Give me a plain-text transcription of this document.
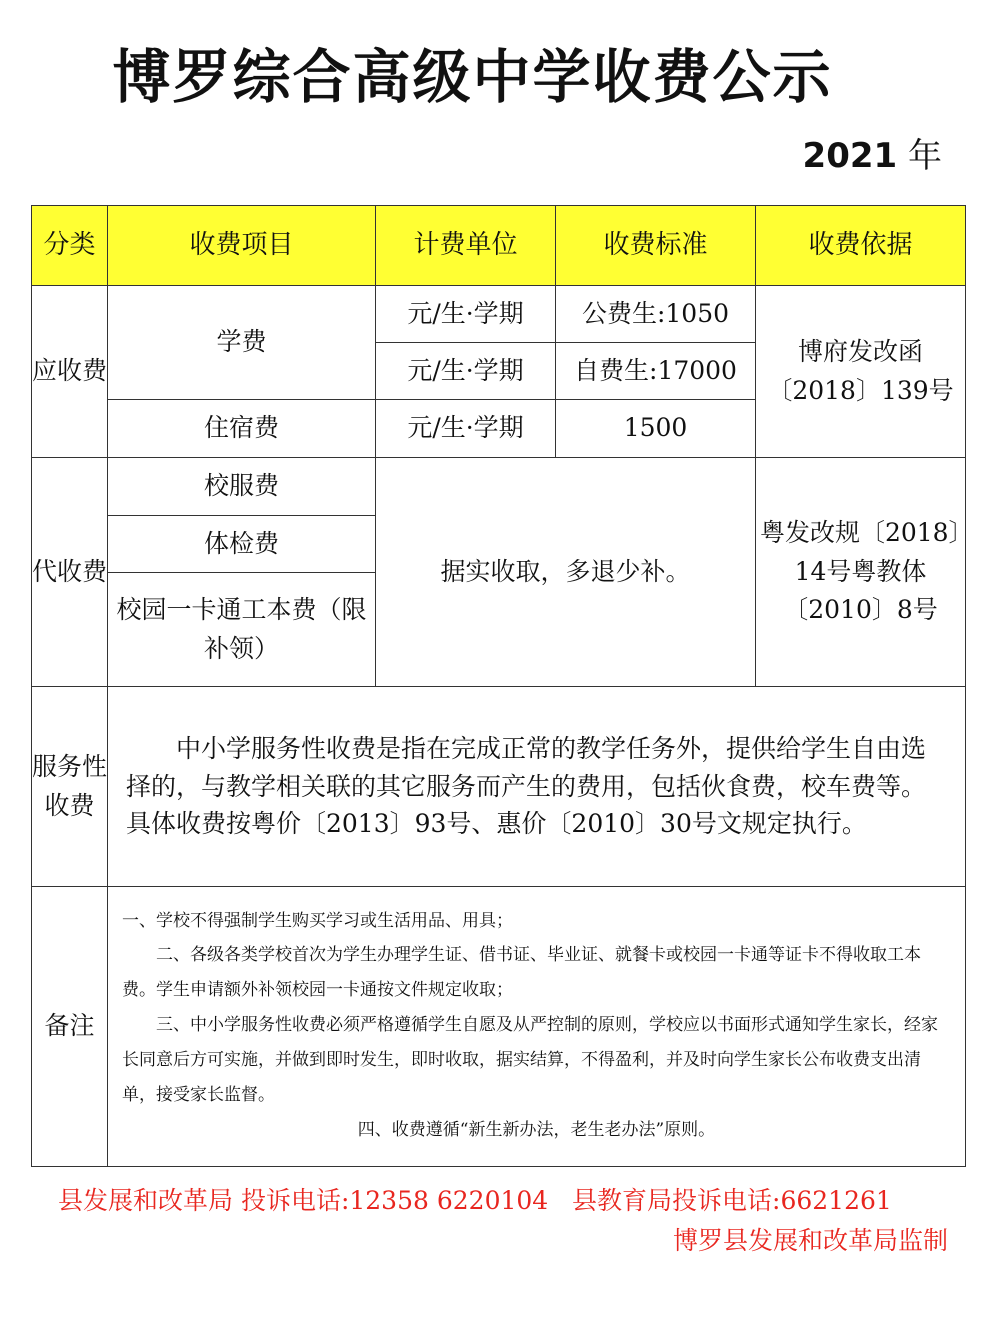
博罗综合高级中学收费公示
2021 年
分类	收费项目	计费单位	收费标准	收费依据
应收费	学费	元/生·学期	公费生:1050	博府发改函〔2018〕139号
		元/生·学期	自费生:17000	
	住宿费	元/生·学期	1500	
代收费	校服费	据实收取，多退少补。		粤发改规〔2018〕14号粤教体〔2010〕8号
	体检费			
	校园一卡通工本费（限补领）			
服务性收费	中小学服务性收费是指在完成正常的教学任务外，提供给学生自由选择的，与教学相关联的其它服务而产生的费用，包括伙食费，校车费等。具体收费按粤价〔2013〕93号、惠价〔2010〕30号文规定执行。			
备注	一、学校不得强制学生购买学习或生活用品、用具；

二、各级各类学校首次为学生办理学生证、借书证、毕业证、就餐卡或校园一卡通等证卡不得收取工本费。学生申请额外补领校园一卡通按文件规定收取；

三、中小学服务性收费必须严格遵循学生自愿及从严控制的原则，学校应以书面形式通知学生家长，经家长同意后方可实施，并做到即时发生，即时收取，据实结算，不得盈利，并及时向学生家长公布收费支出清单，接受家长监督。

四、收费遵循“新生新办法，老生老办法”原则。			

县发展和改革局 投诉电话:12358 6220104   县教育局投诉电话:6621261
博罗县发展和改革局监制
